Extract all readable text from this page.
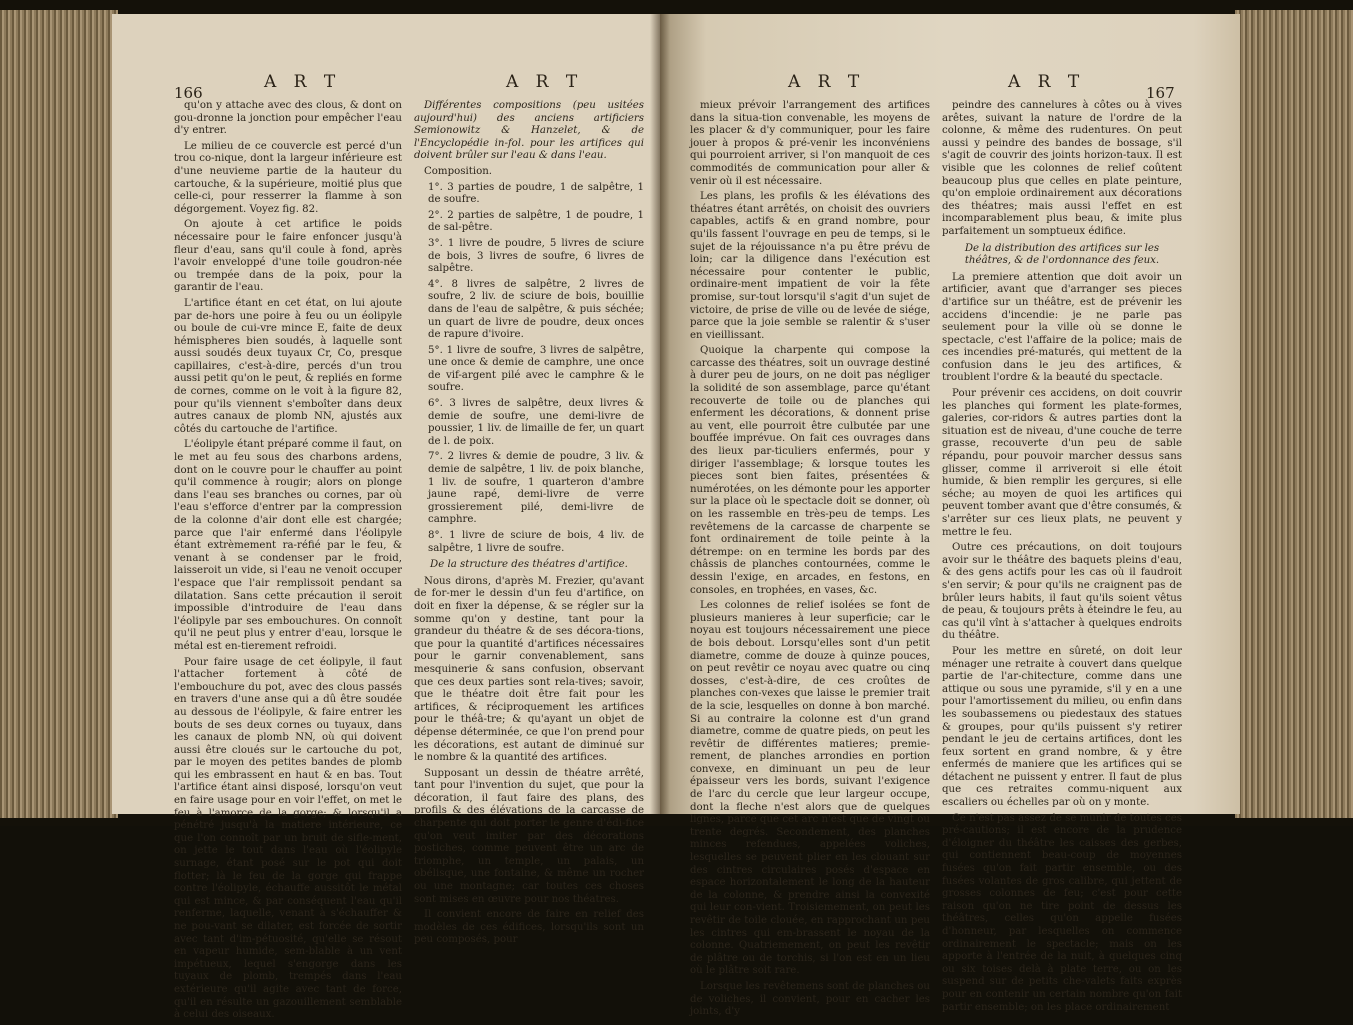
166
A R T	A R T

qu'on y attache avec des clous, & dont on gou-dronne la jonction pour empêcher l'eau d'y entrer.

Le milieu de ce couvercle est percé d'un trou co-nique, dont la largeur inférieure est d'une neuvieme partie de la hauteur du cartouche, & la supérieure, moitié plus que celle-ci, pour resserrer la flamme à son dégorgement. Voyez fig. 82.

On ajoute à cet artifice le poids nécessaire pour le faire enfoncer jusqu'à fleur d'eau, sans qu'il coule à fond, après l'avoir enveloppé d'une toile goudron-née ou trempée dans de la poix, pour la garantir de l'eau.

L'artifice étant en cet état, on lui ajoute par de-hors une poire à feu ou un éolipyle ou boule de cui-vre mince E, faite de deux hémispheres bien soudés, à laquelle sont aussi soudés deux tuyaux Cr, Co, presque capillaires, c'est-à-dire, percés d'un trou aussi petit qu'on le peut, & repliés en forme de cornes, comme on le voit à la figure 82, pour qu'ils viennent s'emboîter dans deux autres canaux de plomb NN, ajustés aux côtés du cartouche de l'artifice.

L'éolipyle étant préparé comme il faut, on le met au feu sous des charbons ardens, dont on le couvre pour le chauffer au point qu'il commence à rougir; alors on plonge dans l'eau ses branches ou cornes, par où l'eau s'efforce d'entrer par la compression de la colonne d'air dont elle est chargée; parce que l'air enfermé dans l'éolipyle étant extrèmement ra-réfié par le feu, & venant à se condenser par le froid, laisseroit un vide, si l'eau ne venoit occuper l'espace que l'air remplissoit pendant sa dilatation. Sans cette précaution il seroit impossible d'introduire de l'eau dans l'éolipyle par ses embouchures. On connoît qu'il ne peut plus y entrer d'eau, lorsque le métal est en-tierement refroidi.

Pour faire usage de cet éolipyle, il faut l'attacher fortement à côté de l'embouchure du pot, avec des clous passés en travers d'une anse qui a dû être soudée au dessous de l'éolipyle, & faire entrer les bouts de ses deux cornes ou tuyaux, dans les canaux de plomb NN, où qui doivent aussi être cloués sur le cartouche du pot, par le moyen des petites bandes de plomb qui les embrassent en haut & en bas. Tout l'artifice étant ainsi disposé, lorsqu'on veut en faire usage pour en voir l'effet, on met le feu à l'amorce de la gorge; & lorsqu'il a pénétré jusqu'à la matiere intérieure, ce que l'on connoît par un bruit de sifle-ment, on jette le tout dans l'eau où l'éolipyle surnage, étant posé sur le pot qui doit flotter; là le feu de la gorge qui frappe contre l'éolipyle, échauffe aussitôt le métal qui est mince, & par conséquent l'eau qu'il renferme, laquelle, venant à s'échauffer & ne pou-vant se dilater, est forcée de sortir avec tant d'im-pétuosité, qu'elle se résout en vapeur humide, sem-blable à un vent impétueux, lequel s'engorge dans les tuyaux de plomb, trempés dans l'eau extérieure qu'il agite avec tant de force, qu'il en résulte un gazouillement semblable à celui des oiseaux.

Différentes compositions (peu usitées aujourd'hui) des anciens artificiers Semionowitz & Hanzelet, & de l'Encyclopédie in-fol. pour les artifices qui doivent brûler sur l'eau & dans l'eau.

Composition.

1°. 3 parties de poudre, 1 de salpêtre, 1 de soufre.

2°. 2 parties de salpêtre, 1 de poudre, 1 de sal-pêtre.

3°. 1 livre de poudre, 5 livres de sciure de bois, 3 livres de soufre, 6 livres de salpêtre.

4°. 8 livres de salpêtre, 2 livres de soufre, 2 liv. de sciure de bois, bouillie dans de l'eau de salpêtre, & puis séchée; un quart de livre de poudre, deux onces de rapure d'ivoire.

5°. 1 livre de soufre, 3 livres de salpêtre, une once & demie de camphre, une once de vif-argent pilé avec le camphre & le soufre.

6°. 3 livres de salpêtre, deux livres & demie de soufre, une demi-livre de poussier, 1 liv. de limaille de fer, un quart de l. de poix.

7°. 2 livres & demie de poudre, 3 liv. & demie de salpêtre, 1 liv. de poix blanche, 1 liv. de soufre, 1 quarteron d'ambre jaune rapé, demi-livre de verre grossierement pilé, demi-livre de camphre.

8°. 1 livre de sciure de bois, 4 liv. de salpêtre, 1 livre de soufre.

De la structure des théatres d'artifice.

Nous dirons, d'après M. Frezier, qu'avant de for-mer le dessin d'un feu d'artifice, on doit en fixer la dépense, & se régler sur la somme qu'on y destine, tant pour la grandeur du théatre & de ses décora-tions, que pour la quantité d'artifices nécessaires pour le garnir convenablement, sans mesquinerie & sans confusion, observant que ces deux parties sont rela-tives; savoir, que le théatre doit être fait pour les artifices, & réciproquement les artifices pour le théâ-tre; & qu'ayant un objet de dépense déterminée, ce que l'on prend pour les décorations, est autant de diminué sur le nombre & la quantité des artifices.

Supposant un dessin de théatre arrêté, tant pour l'invention du sujet, que pour la décoration, il faut faire des plans, des profils & des élévations de la carcasse de charpente qui doit porter le genre d'édi-fice qu'on veut imiter par des décorations postiches, comme peuvent être un arc de triomphe, un temple, un palais, un obélisque, une fontaine, & même un rocher ou une montagne; car toutes ces choses sont mises en œuvre pour nos théatres.

Il convient encore de faire en relief des modèles de ces édifices, lorsqu'ils sont un peu composés, pour

A R T	A R T
167

mieux prévoir l'arrangement des artifices dans la situa-tion convenable, les moyens de les placer & d'y communiquer, pour les faire jouer à propos & pré-venir les inconvéniens qui pourroient arriver, si l'on manquoit de ces commodités de communication pour aller & venir où il est nécessaire.

Les plans, les profils & les élévations des théatres étant arrêtés, on choisit des ouvriers capables, actifs & en grand nombre, pour qu'ils fassent l'ouvrage en peu de temps, si le sujet de la réjouissance n'a pu être prévu de loin; car la diligence dans l'exécution est nécessaire pour contenter le public, ordinaire-ment impatient de voir la fête promise, sur-tout lorsqu'il s'agit d'un sujet de victoire, de prise de ville ou de levée de siége, parce que la joie semble se ralentir & s'user en vieillissant.

Quoique la charpente qui compose la carcasse des théatres, soit un ouvrage destiné à durer peu de jours, on ne doit pas négliger la solidité de son assemblage, parce qu'étant recouverte de toile ou de planches qui enferment les décorations, & donnent prise au vent, elle pourroit être culbutée par une bouffée imprévue. On fait ces ouvrages dans des lieux par-ticuliers enfermés, pour y diriger l'assemblage; & lorsque toutes les pieces sont bien faites, présentées & numérotées, on les démonte pour les apporter sur la place où le spectacle doit se donner, où on les rassemble en très-peu de temps. Les revêtemens de la carcasse de charpente se font ordinairement de toile peinte à la détrempe: on en termine les bords par des châssis de planches contournées, comme le dessin l'exige, en arcades, en festons, en consoles, en trophées, en vases, &c.

Les colonnes de relief isolées se font de plusieurs manieres à leur superficie; car le noyau est toujours nécessairement une piece de bois debout. Lorsqu'elles sont d'un petit diametre, comme de douze à quinze pouces, on peut revêtir ce noyau avec quatre ou cinq dosses, c'est-à-dire, de ces croûtes de planches con-vexes que laisse le premier trait de la scie, lesquelles on donne à bon marché. Si au contraire la colonne est d'un grand diametre, comme de quatre pieds, on peut les revêtir de différentes matieres; premie-rement, de planches arrondies en portion convexe, en diminuant un peu de leur épaisseur vers les bords, suivant l'exigence de l'arc du cercle que leur largeur occupe, dont la fleche n'est alors que de quelques lignes, parce que cet arc n'est que de vingt ou trente degrés. Secondement, des planches minces refendues, appelées voliches, lesquelles se peuvent plier en les clouant sur des cintres circulaires posés d'espace en espace horizontalement le long de la hauteur de la colonne, & prendre ainsi la convexité qui leur con-vient. Troisiemement, on peut les revêtir de toile clouée, en rapprochant un peu les cintres qui em-brassent le noyau de la colonne. Quatriemement, on peut les revêtir de plâtre ou de torchis, si l'on est en un lieu où le plâtre soit rare.

Lorsque les revêtemens sont de planches ou de voliches, il convient, pour en cacher les joints, d'y

peindre des cannelures à côtes ou à vives arêtes, suivant la nature de l'ordre de la colonne, & même des rudentures. On peut aussi y peindre des bandes de bossage, s'il s'agit de couvrir des joints horizon-taux. Il est visible que les colonnes de relief coûtent beaucoup plus que celles en plate peinture, qu'on emploie ordinairement aux décorations des théatres; mais aussi l'effet en est incomparablement plus beau, & imite plus parfaitement un somptueux édifice.

De la distribution des artifices sur les théâtres, & de l'ordonnance des feux.

La premiere attention que doit avoir un artificier, avant que d'arranger ses pieces d'artifice sur un théâtre, est de prévenir les accidens d'incendie: je ne parle pas seulement pour la ville où se donne le spectacle, c'est l'affaire de la police; mais de ces incendies pré-maturés, qui mettent de la confusion dans le jeu des artifices, & troublent l'ordre & la beauté du spectacle.

Pour prévenir ces accidens, on doit couvrir les planches qui forment les plate-formes, galeries, cor-ridors & autres parties dont la situation est de niveau, d'une couche de terre grasse, recouverte d'un peu de sable répandu, pour pouvoir marcher dessus sans glisser, comme il arriveroit si elle étoit humide, & bien remplir les gerçures, si elle séche; au moyen de quoi les artifices qui peuvent tomber avant que d'être consumés, & s'arrêter sur ces lieux plats, ne peuvent y mettre le feu.

Outre ces précautions, on doit toujours avoir sur le théâtre des baquets pleins d'eau, & des gens actifs pour les cas où il faudroit s'en servir; & pour qu'ils ne craignent pas de brûler leurs habits, il faut qu'ils soient vêtus de peau, & toujours prêts à éteindre le feu, au cas qu'il vînt à s'attacher à quelques endroits du théâtre.

Pour les mettre en sûreté, on doit leur ménager une retraite à couvert dans quelque partie de l'ar-chitecture, comme dans une attique ou sous une pyramide, s'il y en a une pour l'amortissement du milieu, ou enfin dans les soubassemens ou piedestaux des statues & groupes, pour qu'ils puissent s'y retirer pendant le jeu de certains artifices, dont les feux sortent en grand nombre, & y être enfermés de maniere que les artifices qui se détachent ne puissent y entrer. Il faut de plus que ces retraites commu-niquent aux escaliers ou échelles par où on y monte.

Ce n'est pas assez de se munir de toutes ces pré-cautions; il est encore de la prudence d'éloigner du théâtre les caisses des gerbes, qui contiennent beau-coup de moyennes fusées qu'on fait partir ensemble, ou des fusées volantes de gros calibre, qui jettent de grosses colonnes de feu; c'est pour cette raison qu'on ne tire point de dessus les théâtres, celles qu'on appelle fusées d'honneur, par lesquelles on commence ordinairement le spectacle; mais on les apporte à l'entrée de la nuit, à quelques cinq ou six toises delà à plate terre, ou on les suspend sur de petits che-valets faits exprès pour en contenir un certain nombre qu'on fait partir ensemble; on les place ordinairement
